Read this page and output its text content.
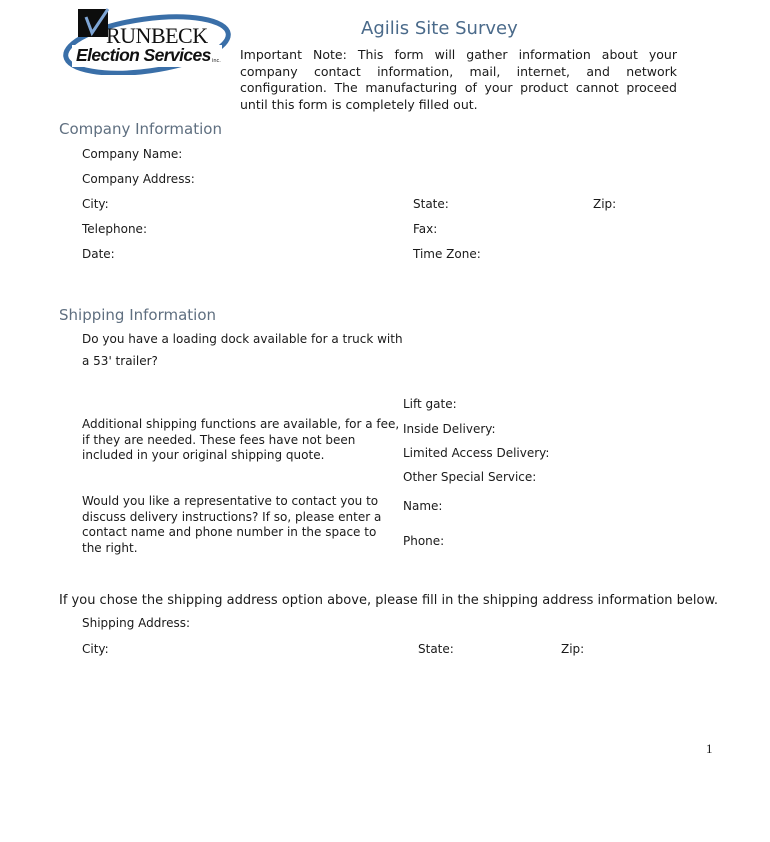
RUNBECK
Election Services inc.
Agilis Site Survey
Important Note: This form will gather information about your company contact information, mail, internet, and network configuration. The manufacturing of your product cannot proceed until this form is completely filled out.
Company Information
Company Name:
Company Address:
City:	State:	Zip:
Telephone:	Fax:
Date:	Time Zone:
Shipping Information
Do you have a loading dock available for a truck with
a 53' trailer?
Lift gate:
Additional shipping functions are available, for a fee, if they are needed. These fees have not been included in your original shipping quote.
Inside Delivery:
Limited Access Delivery:
Other Special Service:
Would you like a representative to contact you to discuss delivery instructions? If so, please enter a contact name and phone number in the space to the right.
Name:
Phone:
If you chose the shipping address option above, please fill in the shipping address information below.
Shipping Address:
City:	State:	Zip:
1
